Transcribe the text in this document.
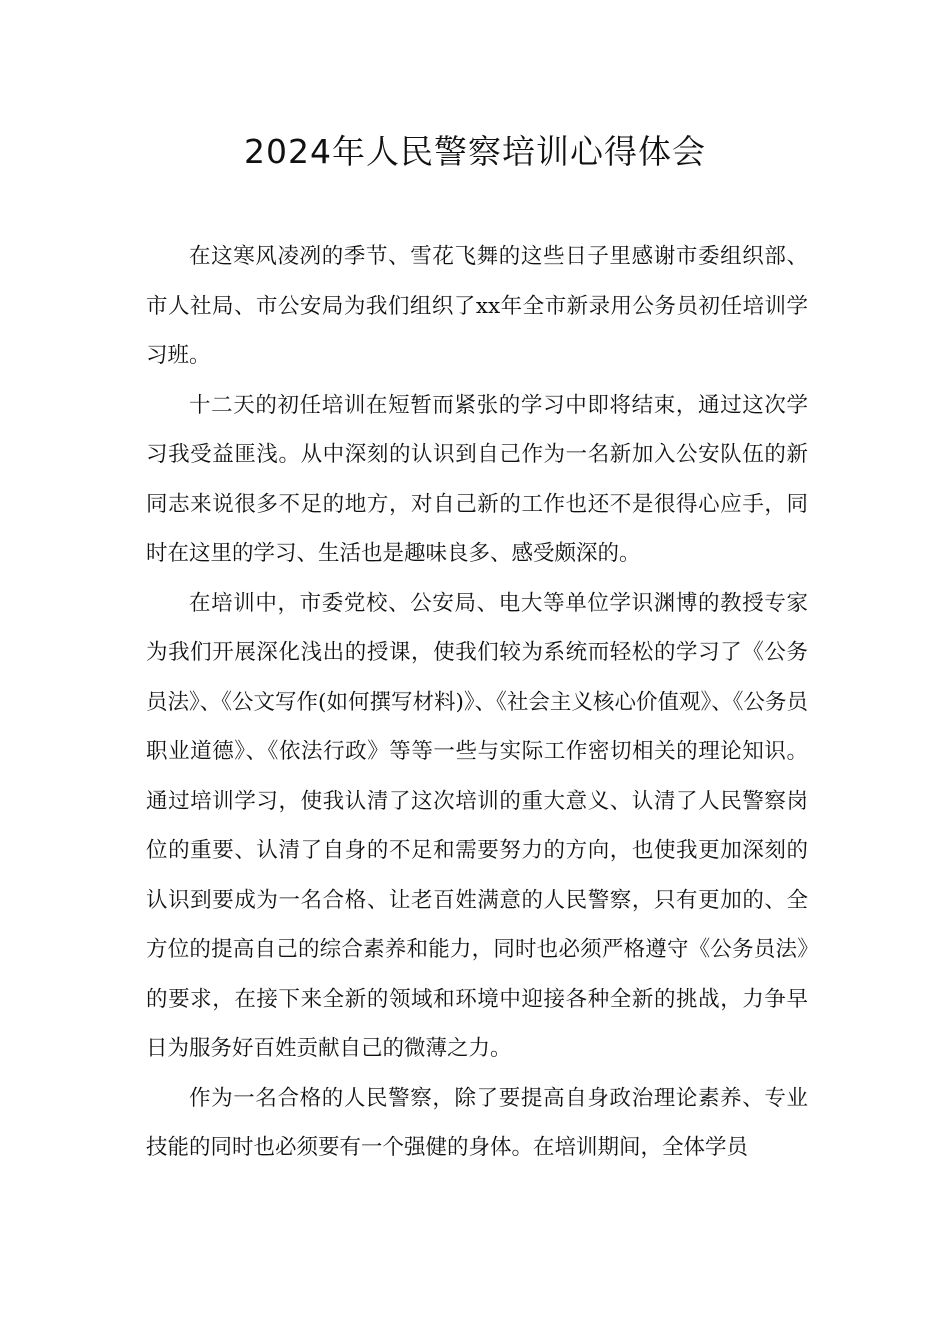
2024年人民警察培训心得体会

在这寒风凌冽的季节、雪花飞舞的这些日子里感谢市委组织部、市人社局、市公安局为我们组织了xx年全市新录用公务员初任培训学习班。

十二天的初任培训在短暂而紧张的学习中即将结束，通过这次学习我受益匪浅。从中深刻的认识到自己作为一名新加入公安队伍的新同志来说很多不足的地方，对自己新的工作也还不是很得心应手，同时在这里的学习、生活也是趣味良多、感受颇深的。

在培训中，市委党校、公安局、电大等单位学识渊博的教授专家为我们开展深化浅出的授课，使我们较为系统而轻松的学习了《公务员法》、《公文写作(如何撰写材料)》、《社会主义核心价值观》、《公务员职业道德》、《依法行政》等等一些与实际工作密切相关的理论知识。通过培训学习，使我认清了这次培训的重大意义、认清了人民警察岗位的重要、认清了自身的不足和需要努力的方向，也使我更加深刻的认识到要成为一名合格、让老百姓满意的人民警察，只有更加的、全方位的提高自己的综合素养和能力，同时也必须严格遵守《公务员法》的要求，在接下来全新的领域和环境中迎接各种全新的挑战，力争早日为服务好百姓贡献自己的微薄之力。

作为一名合格的人民警察，除了要提高自身政治理论素养、专业技能的同时也必须要有一个强健的身体。在培训期间，全体学员
